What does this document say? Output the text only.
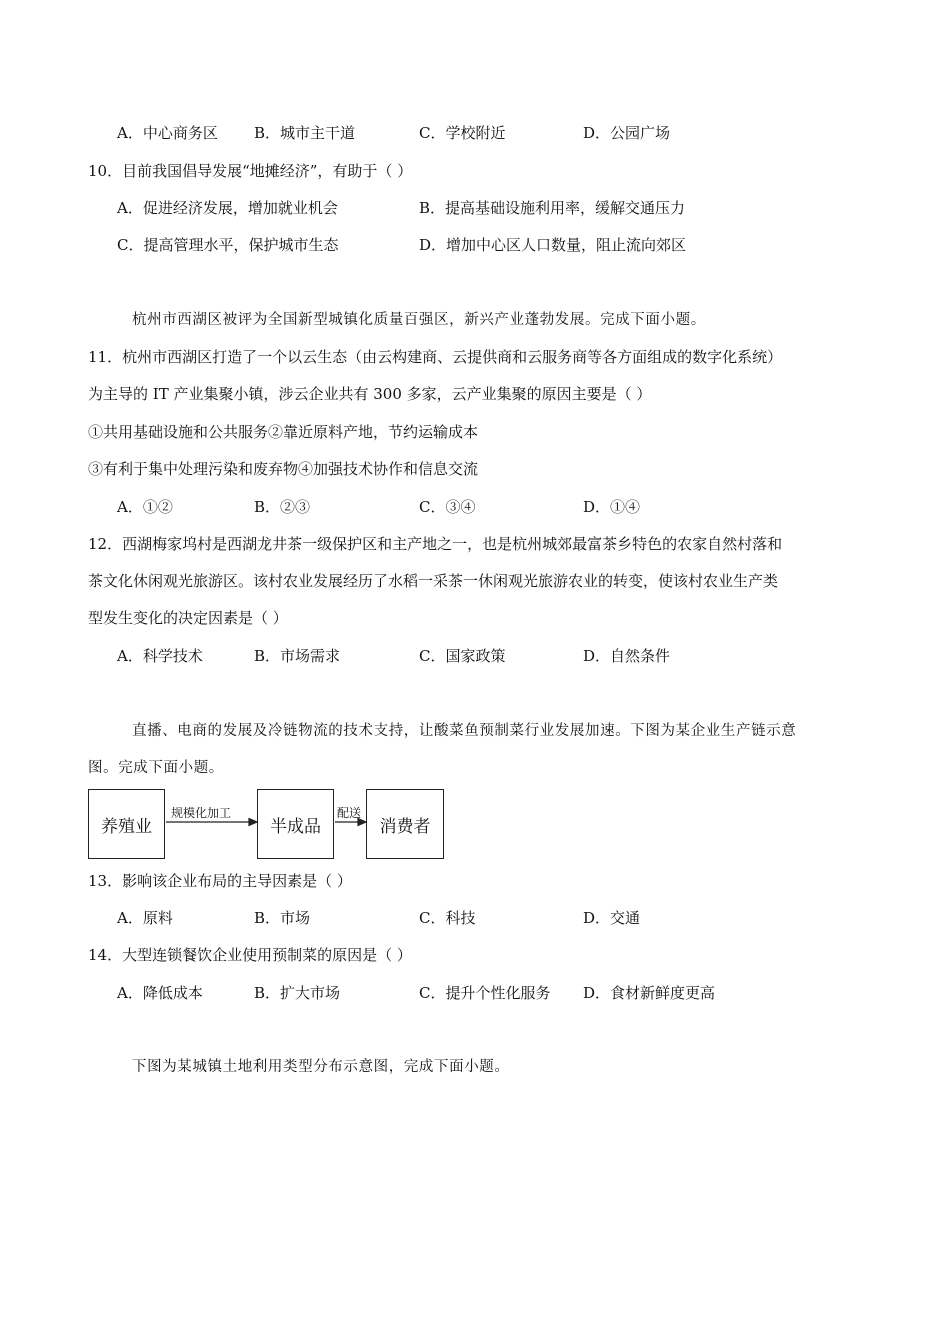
A．中心商务区 B．城市主干道	C．学校附近	D．公园广场
10．目前我国倡导发展“地摊经济”，有助于（ ）
A．促进经济发展，增加就业机会	B．提高基础设施利用率，缓解交通压力
C．提高管理水平，保护城市生态	D．增加中心区人口数量，阻止流向郊区
杭州市西湖区被评为全国新型城镇化质量百强区，新兴产业蓬勃发展。完成下面小题。
11．杭州市西湖区打造了一个以云生态（由云构建商、云提供商和云服务商等各方面组成的数字化系统）
为主导的 IT 产业集聚小镇，涉云企业共有 300 多家，云产业集聚的原因主要是（ ）
①共用基础设施和公共服务②靠近原料产地，节约运输成本
③有利于集中处理污染和废弃物④加强技术协作和信息交流
A．①②	B．②③	C．③④	D．①④
12．西湖梅家坞村是西湖龙井茶一级保护区和主产地之一，也是杭州城郊最富茶乡特色的农家自然村落和
茶文化休闲观光旅游区。该村农业发展经历了水稻一采茶一休闲观光旅游农业的转变，使该村农业生产类
型发生变化的决定因素是（ ）
A．科学技术	B．市场需求	C．国家政策	D．自然条件
直播、电商的发展及冷链物流的技术支持，让酸菜鱼预制菜行业发展加速。下图为某企业生产链示意
图。完成下面小题。
养殖业	半成品	消费者
规模化加工	配送
13．影响该企业布局的主导因素是（ ）
A．原料	B．市场	C．科技	D．交通
14．大型连锁餐饮企业使用预制菜的原因是（ ）
A．降低成本	B．扩大市场	C．提升个性化服务 D．食材新鲜度更高
下图为某城镇土地利用类型分布示意图，完成下面小题。
